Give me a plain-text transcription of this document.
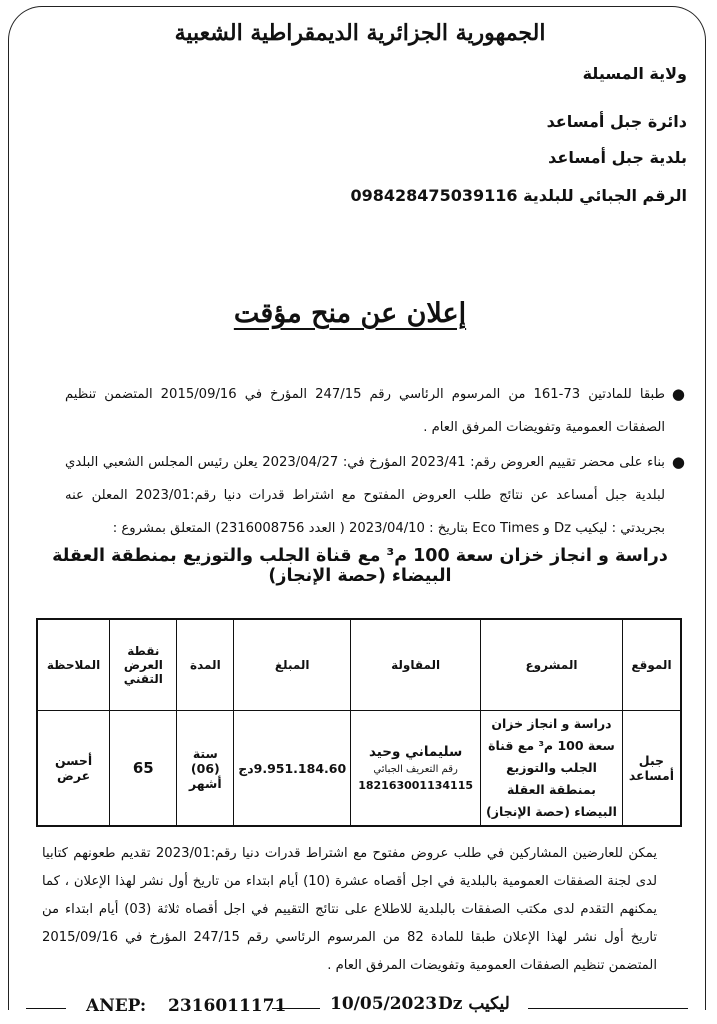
الجمهورية الجزائرية الديمقراطية الشعبية
ولاية المسيلة
دائرة جبل أمساعد
بلدية جبل أمساعد
الرقم الجبائي للبلدية 098428475039116
إعلان عن منح مؤقت
●
طبقا للمادتين 73-161 من المرسوم الرئاسي رقم 247/15 المؤرخ في 2015/09/16 المتضمن تنظيم الصفقات العمومية وتفويضات المرفق العام .
●
بناء على محضر تقييم العروض رقم: 2023/41 المؤرخ في: 2023/04/27 يعلن رئيس المجلس الشعبي البلدي لبلدية جبل أمساعد عن نتائج طلب العروض المفتوح مع اشتراط قدرات دنيا رقم:2023/01 المعلن عنه بجريدتي : ليكيب Dz و Eco Times بتاريخ : 2023/04/10 ( العدد 2316008756) المتعلق بمشروع :
دراسة و انجاز خزان سعة 100 م³ مع قناة الجلب والتوزيع بمنطقة العقلة البيضاء (حصة الإنجاز)
الموقع	المشروع	المقاولة	المبلغ	المدة	نقطة العرض التقني	الملاحظة
جبل أمساعد	دراسة و انجاز خزان سعة 100 م³ مع قناة الجلب والتوزيع بمنطقة العقلة البيضاء (حصة الإنجاز)	سليماني وحيد
رقم التعريف الجبائي
182163001134115	9.951.184.60دج	ستة (06) أشهر	65	أحسن عرض
يمكن للعارضين المشاركين في طلب عروض مفتوح مع اشتراط قدرات دنيا رقم:2023/01 تقديم طعونهم كتابيا لدى لجنة الصفقات العمومية بالبلدية في اجل أقصاه عشرة (10) أيام ابتداء من تاريخ أول نشر لهذا الإعلان ، كما يمكنهم التقدم لدى مكتب الصفقات بالبلدية للاطلاع على نتائج التقييم في اجل أقصاه ثلاثة (03) أيام ابتداء من تاريخ أول نشر لهذا الإعلان طبقا للمادة 82 من المرسوم الرئاسي رقم 247/15 المؤرخ في 2015/09/16 المتضمن تنظيم الصفقات العمومية وتفويضات المرفق العام .
ANEP: 2316011171	10/05/2023 ليكيب Dz
